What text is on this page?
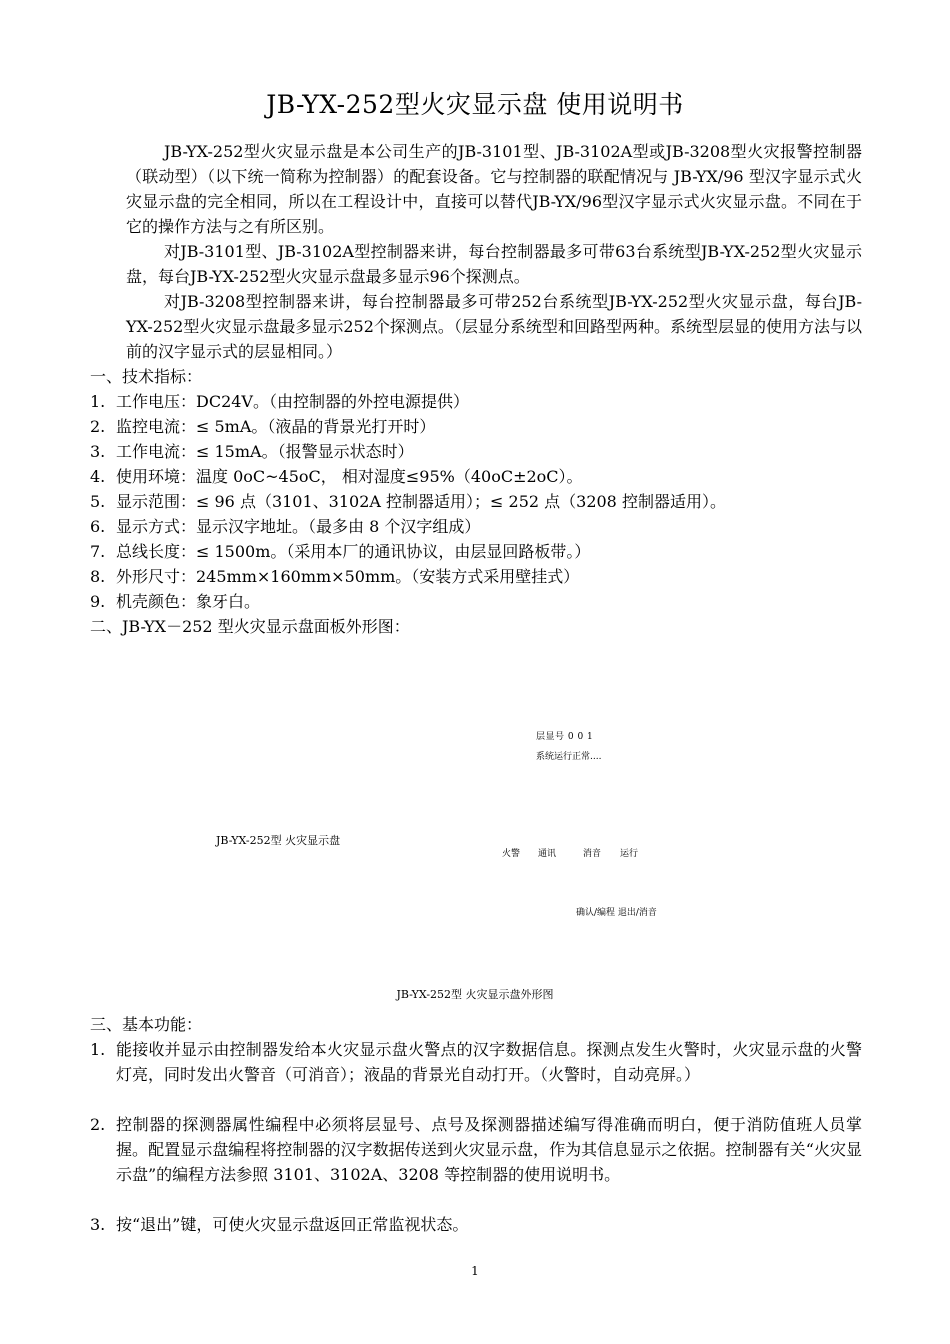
JB-YX-252型火灾显示盘 使用说明书
JB-YX-252型火灾显示盘是本公司生产的JB-3101型、JB-3102A型或JB-3208型火灾报警控制器（联动型）（以下统一简称为控制器）的配套设备。它与控制器的联配情况与 JB-YX/96 型汉字显示式火灾显示盘的完全相同，所以在工程设计中，直接可以替代JB-YX/96型汉字显示式火灾显示盘。不同在于它的操作方法与之有所区别。
对JB-3101型、JB-3102A型控制器来讲，每台控制器最多可带63台系统型JB-YX-252型火灾显示盘，每台JB-YX-252型火灾显示盘最多显示96个探测点。
对JB-3208型控制器来讲，每台控制器最多可带252台系统型JB-YX-252型火灾显示盘，每台JB-YX-252型火灾显示盘最多显示252个探测点。（层显分系统型和回路型两种。系统型层显的使用方法与以前的汉字显示式的层显相同。）
一、技术指标：
1. 工作电压：DC24V。（由控制器的外控电源提供）
2. 监控电流：≤ 5mA。（液晶的背景光打开时）
3. 工作电流：≤ 15mA。（报警显示状态时）
4. 使用环境：温度 0oC~45oC， 相对湿度≤95%（40oC±2oC）。
5. 显示范围：≤ 96 点（3101、3102A 控制器适用）；≤ 252 点（3208 控制器适用）。
6. 显示方式：显示汉字地址。（最多由 8 个汉字组成）
7. 总线长度：≤ 1500m。（采用本厂的通讯协议，由层显回路板带。）
8. 外形尺寸：245mm×160mm×50mm。（安装方式采用壁挂式）
9. 机壳颜色：象牙白。
二、JB-YX－252 型火灾显示盘面板外形图：
层显号 0 0 1
系统运行正常....
JB-YX-252型 火灾显示盘
火警 通讯	消音 运行
确认/编程 退出/消音
JB-YX-252型 火灾显示盘外形图
三、基本功能：
1. 能接收并显示由控制器发给本火灾显示盘火警点的汉字数据信息。探测点发生火警时，火灾显示盘的火警灯亮，同时发出火警音（可消音）；液晶的背景光自动打开。（火警时，自动亮屏。）
2. 控制器的探测器属性编程中必须将层显号、点号及探测器描述编写得准确而明白，便于消防值班人员掌握。配置显示盘编程将控制器的汉字数据传送到火灾显示盘，作为其信息显示之依据。控制器有关“火灾显示盘”的编程方法参照 3101、3102A、3208 等控制器的使用说明书。
3. 按“退出”键，可使火灾显示盘返回正常监视状态。
1
